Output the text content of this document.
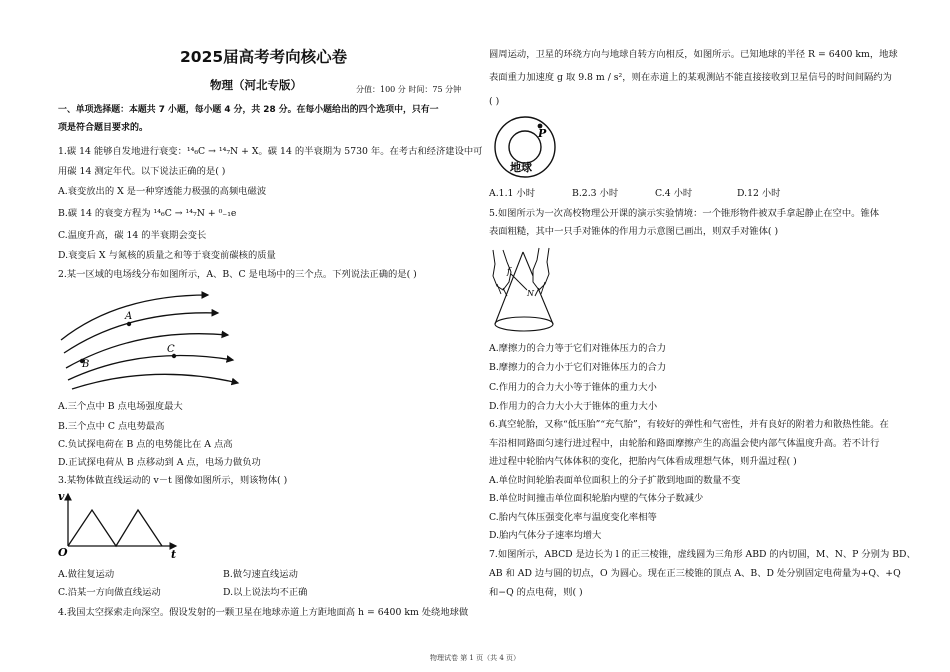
2025届高考考向核心卷
物理（河北专版）	分值：100 分 时间：75 分钟
一、单项选择题：本题共 7 小题，每小题 4 分，共 28 分。在每小题给出的四个选项中，只有一
项是符合题目要求的。
1.碳 14 能够自发地进行衰变：¹⁴₆C → ¹⁴₇N + X。碳 14 的半衰期为 5730 年。在考古和经济建设中可
用碳 14 测定年代。以下说法正确的是( )
A.衰变放出的 X 是一种穿透能力极强的高频电磁波
B.碳 14 的衰变方程为 ¹⁴₆C → ¹⁴₇N + ⁰₋₁e
C.温度升高，碳 14 的半衰期会变长
D.衰变后 X 与氮核的质量之和等于衰变前碳核的质量
2.某一区域的电场线分布如图所示，A、B、C 是电场中的三个点。下列说法正确的是( )
A
B
C
A.三个点中 B 点电场强度最大
B.三个点中 C 点电势最高
C.负试探电荷在 B 点的电势能比在 A 点高
D.正试探电荷从 B 点移动到 A 点，电场力做负功
3.某物体做直线运动的 v－t 图像如图所示，则该物体( )
v
t
O
A.做往复运动	B.做匀速直线运动
C.沿某一方向做直线运动	D.以上说法均不正确
4.我国太空探索走向深空。假设发射的一颗卫星在地球赤道上方距地面高 h = 6400 km 处绕地球做
圆周运动，卫星的环绕方向与地球自转方向相反，如图所示。已知地球的半径 R = 6400 km，地球
表面重力加速度 g 取 9.8 m / s²，则在赤道上的某观测站不能直接接收到卫星信号的时间间隔约为
( )
P
地球
A.1.1 小时	B.2.3 小时	C.4 小时	D.12 小时
5.如图所示为一次高校物理公开课的演示实验情境：一个锥形物件被双手拿起静止在空中。锥体
表面粗糙，其中一只手对锥体的作用力示意图已画出，则双手对锥体( )
f
N
A.摩擦力的合力等于它们对锥体压力的合力
B.摩擦力的合力小于它们对锥体压力的合力
C.作用力的合力大小等于锥体的重力大小
D.作用力的合力大小大于锥体的重力大小
6.真空轮胎，又称“低压胎”“充气胎”，有较好的弹性和气密性，并有良好的附着力和散热性能。在
车沿相同路面匀速行进过程中，由轮胎和路面摩擦产生的高温会使内部气体温度升高。若不计行
进过程中轮胎内气体体积的变化，把胎内气体看成理想气体，则升温过程( )
A.单位时间轮胎表面单位面积上的分子扩散到地面的数量不变
B.单位时间撞击单位面积轮胎内壁的气体分子数减少
C.胎内气体压强变化率与温度变化率相等
D.胎内气体分子速率均增大
7.如图所示，ABCD 是边长为 l 的正三棱锥，虚线圆为三角形 ABD 的内切圆，M、N、P 分别为 BD、
AB 和 AD 边与圆的切点，O 为圆心。现在正三棱锥的顶点 A、B、D 处分别固定电荷量为+Q、+Q
和−Q 的点电荷，则( )
物理试卷 第 1 页（共 4 页）
